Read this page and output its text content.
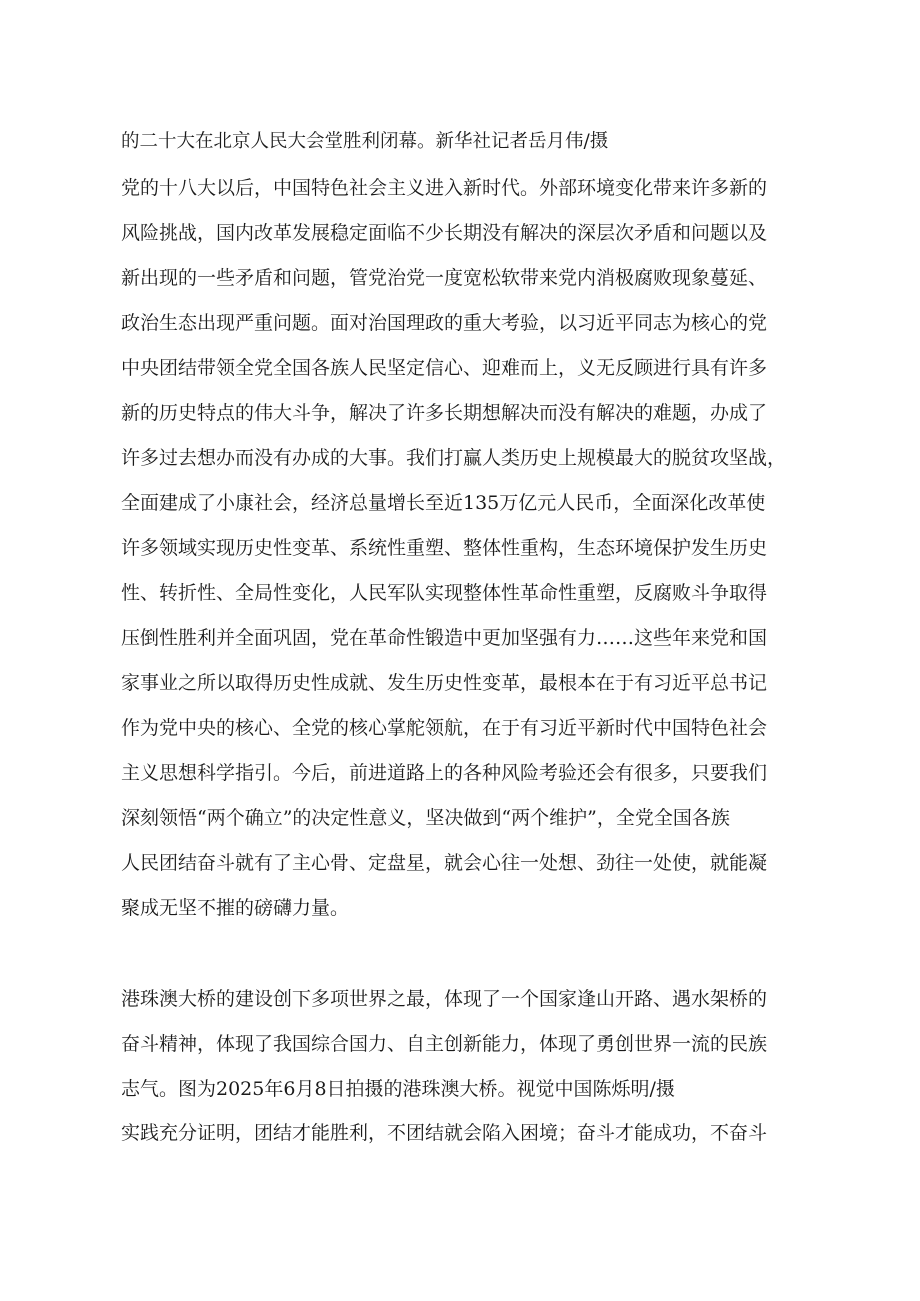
的二十大在北京人民大会堂胜利闭幕。新华社记者岳月伟/摄
党的十八大以后，中国特色社会主义进入新时代。外部环境变化带来许多新的
风险挑战，国内改革发展稳定面临不少长期没有解决的深层次矛盾和问题以及
新出现的一些矛盾和问题，管党治党一度宽松软带来党内消极腐败现象蔓延、
政治生态出现严重问题。面对治国理政的重大考验，以习近平同志为核心的党
中央团结带领全党全国各族人民坚定信心、迎难而上，义无反顾进行具有许多
新的历史特点的伟大斗争，解决了许多长期想解决而没有解决的难题，办成了
许多过去想办而没有办成的大事。我们打赢人类历史上规模最大的脱贫攻坚战，
全面建成了小康社会，经济总量增长至近135万亿元人民币，全面深化改革使
许多领域实现历史性变革、系统性重塑、整体性重构，生态环境保护发生历史
性、转折性、全局性变化，人民军队实现整体性革命性重塑，反腐败斗争取得
压倒性胜利并全面巩固，党在革命性锻造中更加坚强有力……这些年来党和国
家事业之所以取得历史性成就、发生历史性变革，最根本在于有习近平总书记
作为党中央的核心、全党的核心掌舵领航，在于有习近平新时代中国特色社会
主义思想科学指引。今后，前进道路上的各种风险考验还会有很多，只要我们
深刻领悟“两个确立”的决定性意义，坚决做到“两个维护”，全党全国各族
人民团结奋斗就有了主心骨、定盘星，就会心往一处想、劲往一处使，就能凝
聚成无坚不摧的磅礴力量。
港珠澳大桥的建设创下多项世界之最，体现了一个国家逢山开路、遇水架桥的
奋斗精神，体现了我国综合国力、自主创新能力，体现了勇创世界一流的民族
志气。图为2025年6月8日拍摄的港珠澳大桥。视觉中国陈烁明/摄
实践充分证明，团结才能胜利，不团结就会陷入困境；奋斗才能成功，不奋斗
